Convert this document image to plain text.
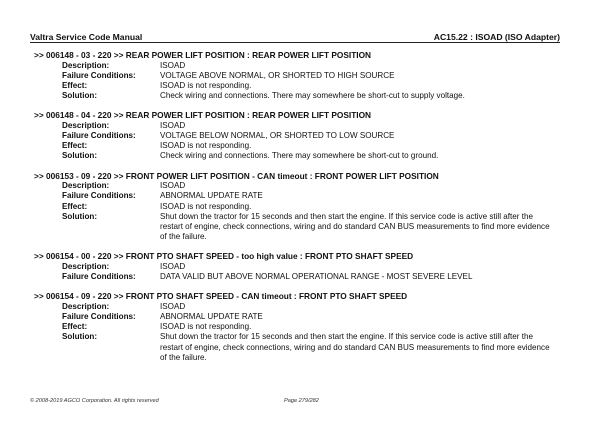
Valtra Service Code Manual	AC15.22 : ISOAD (ISO Adapter)
>> 006148 - 03 - 220 >> REAR POWER LIFT POSITION : REAR POWER LIFT POSITION
Description:	ISOAD
Failure Conditions:	VOLTAGE ABOVE NORMAL, OR SHORTED TO HIGH SOURCE
Effect:	ISOAD is not responding.
Solution:	Check wiring and connections. There may somewhere be short-cut to supply voltage.
>> 006148 - 04 - 220 >> REAR POWER LIFT POSITION : REAR POWER LIFT POSITION
Description:	ISOAD
Failure Conditions:	VOLTAGE BELOW NORMAL, OR SHORTED TO LOW SOURCE
Effect:	ISOAD is not responding.
Solution:	Check wiring and connections. There may somewhere be short-cut to ground.
>> 006153 - 09 - 220 >> FRONT POWER LIFT POSITION - CAN timeout : FRONT POWER LIFT POSITION
Description:	ISOAD
Failure Conditions:	ABNORMAL UPDATE RATE
Effect:	ISOAD is not responding.
Solution:	Shut down the tractor for 15 seconds and then start the engine. If this service code is active still after the restart of engine, check connections, wiring and do standard CAN BUS measurements to find more evidence of the failure.
>> 006154 - 00 - 220 >> FRONT PTO SHAFT SPEED - too high value : FRONT PTO SHAFT SPEED
Description:	ISOAD
Failure Conditions:	DATA VALID BUT ABOVE NORMAL OPERATIONAL RANGE - MOST SEVERE LEVEL
>> 006154 - 09 - 220 >> FRONT PTO SHAFT SPEED - CAN timeout : FRONT PTO SHAFT SPEED
Description:	ISOAD
Failure Conditions:	ABNORMAL UPDATE RATE
Effect:	ISOAD is not responding.
Solution:	Shut down the tractor for 15 seconds and then start the engine. If this service code is active still after the restart of engine, check connections, wiring and do standard CAN BUS measurements to find more evidence of the failure.
© 2008-2019 AGCO Corporation. All rights reserved	Page 279/282
